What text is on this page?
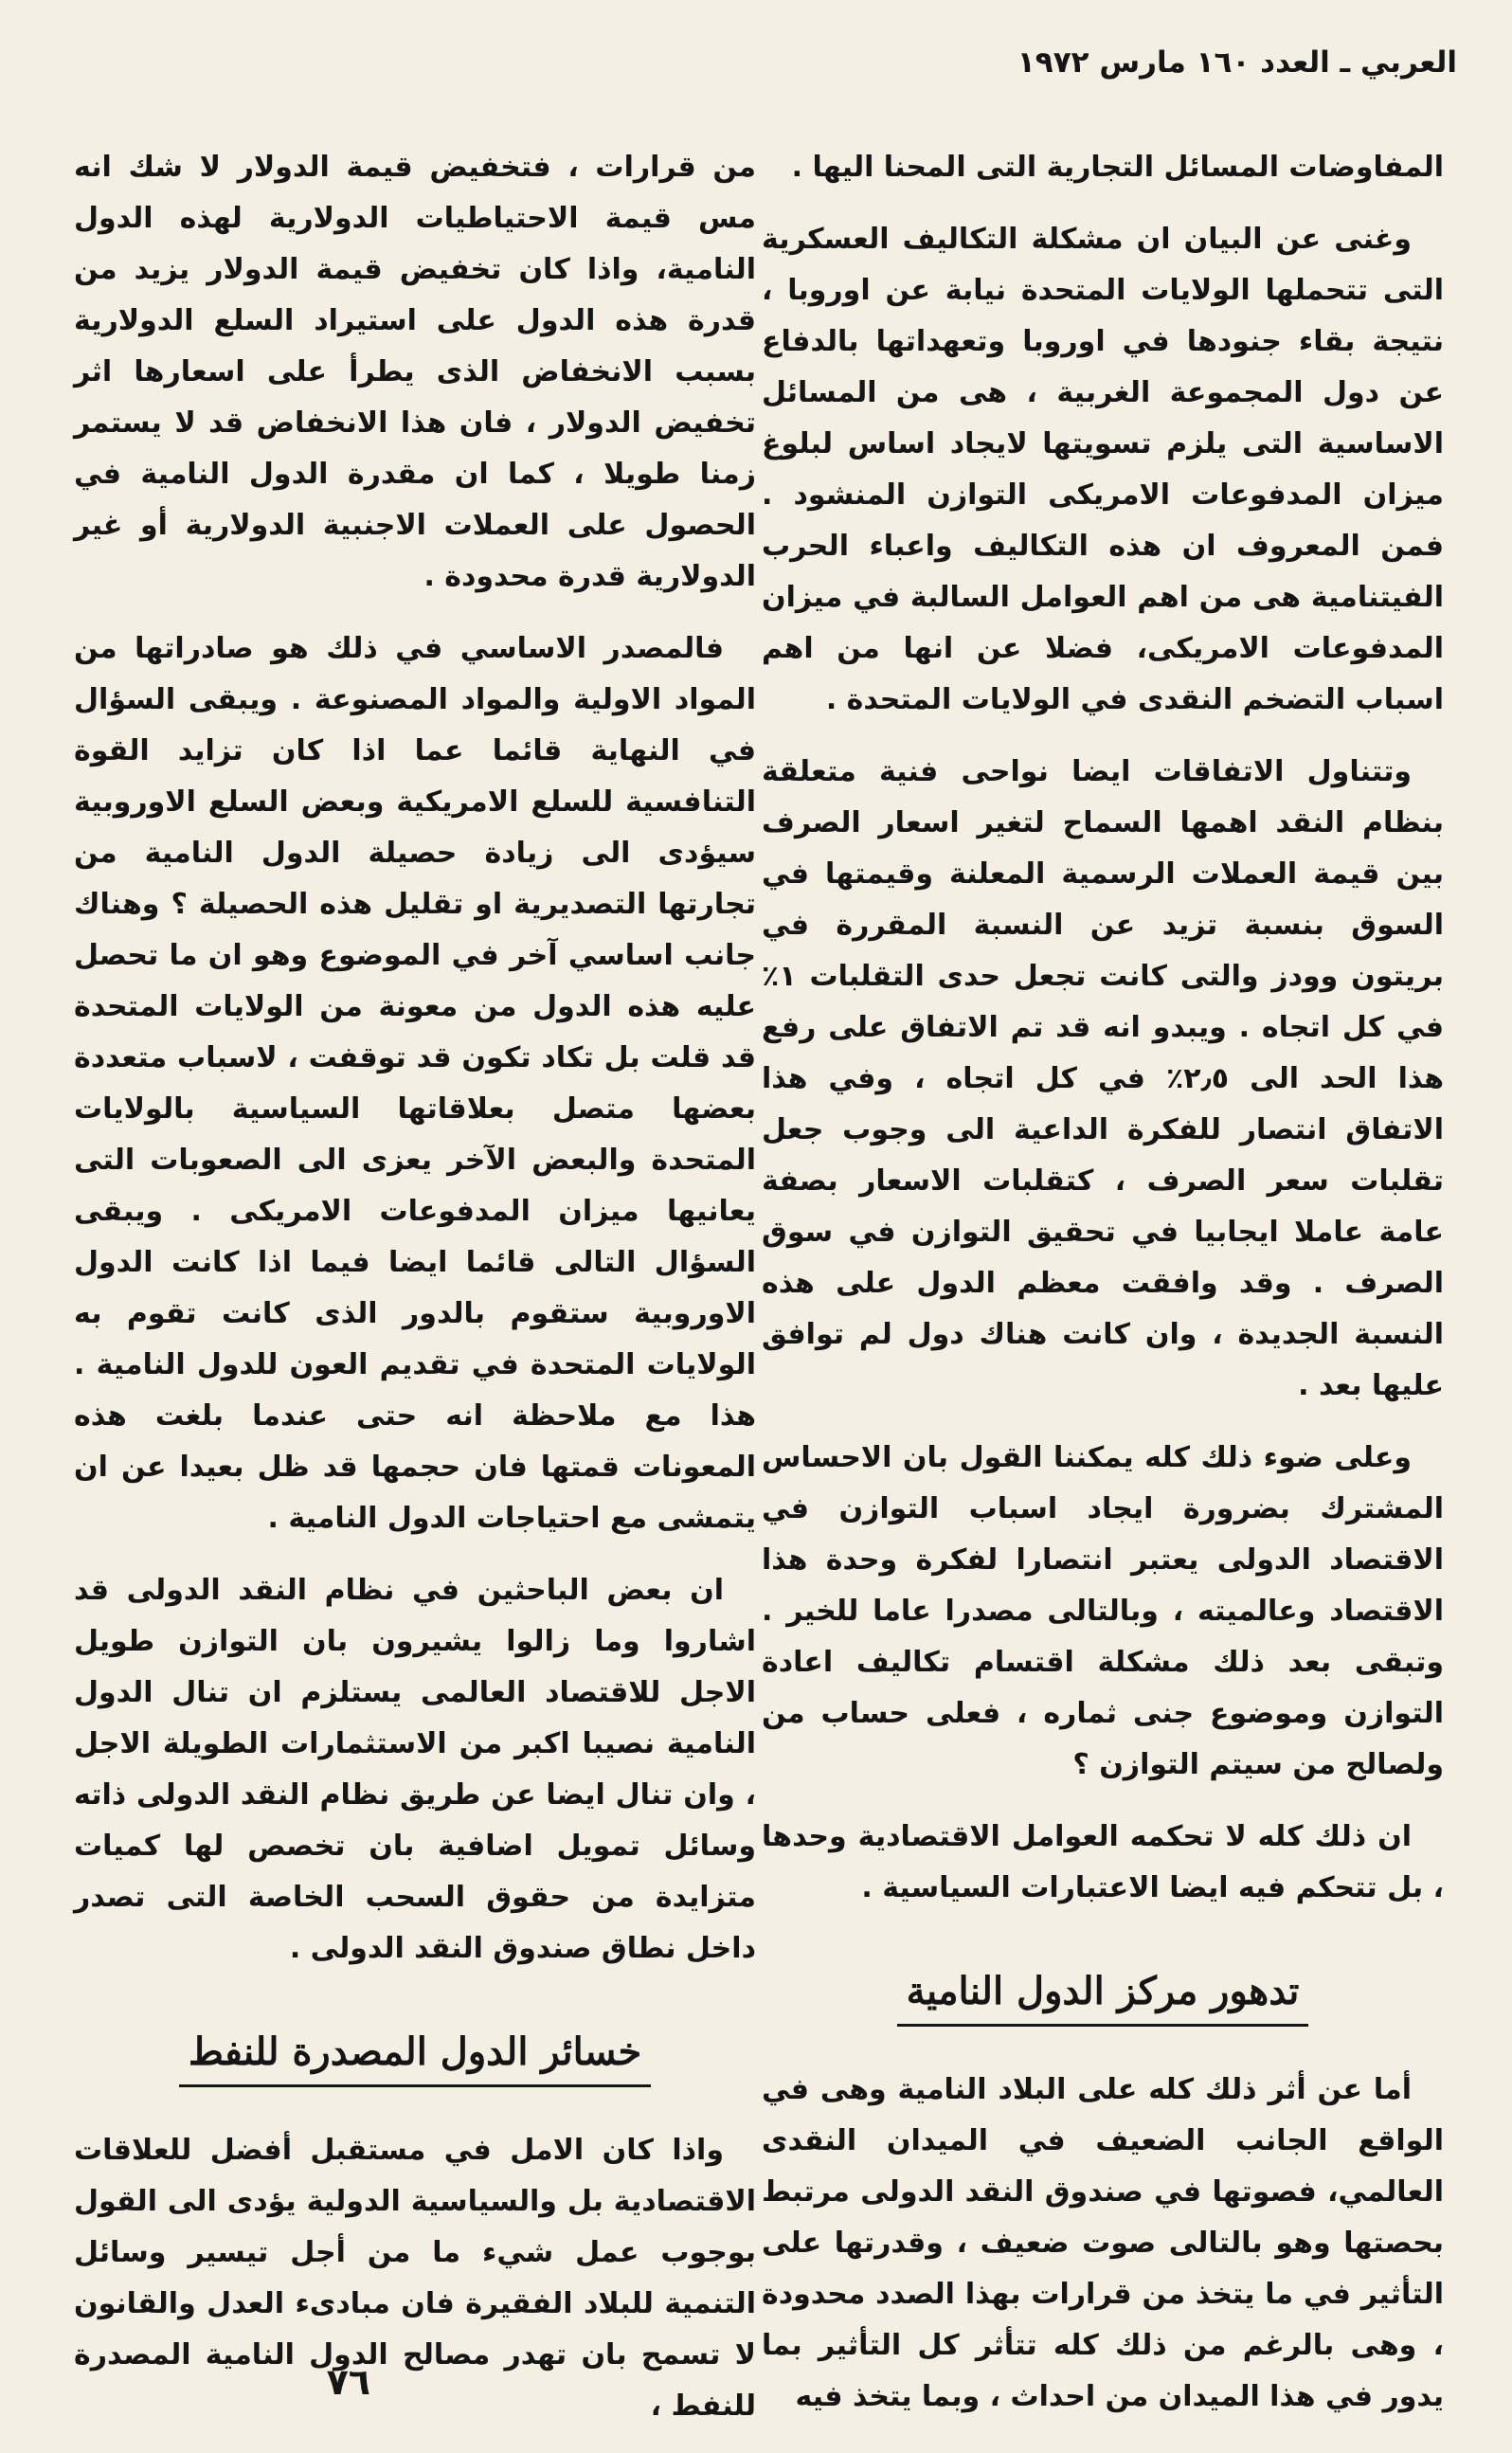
العربي ـ العدد ١٦٠ مارس ١٩٧٢

المفاوضات المسائل التجارية التى المحنا اليها .

وغنى عن البيان ان مشكلة التكاليف العسكرية التى تتحملها الولايات المتحدة نيابة عن اوروبا ، نتيجة بقاء جنودها في اوروبا وتعهداتها بالدفاع عن دول المجموعة الغربية ، هى من المسائل الاساسية التى يلزم تسويتها لايجاد اساس لبلوغ ميزان المدفوعات الامريكى التوازن المنشود . فمن المعروف ان هذه التكاليف واعباء الحرب الفيتنامية هى من اهم العوامل السالبة في ميزان المدفوعات الامريكى، فضلا عن انها من اهم اسباب التضخم النقدى في الولايات المتحدة .

وتتناول الاتفاقات ايضا نواحى فنية متعلقة بنظام النقد اهمها السماح لتغير اسعار الصرف بين قيمة العملات الرسمية المعلنة وقيمتها في السوق بنسبة تزيد عن النسبة المقررة في بريتون وودز والتى كانت تجعل حدى التقلبات ١٪ في كل اتجاه . ويبدو انه قد تم الاتفاق على رفع هذا الحد الى ٢٫٥٪ في كل اتجاه ، وفي هذا الاتفاق انتصار للفكرة الداعية الى وجوب جعل تقلبات سعر الصرف ، كتقلبات الاسعار بصفة عامة عاملا ايجابيا في تحقيق التوازن في سوق الصرف . وقد وافقت معظم الدول على هذه النسبة الجديدة ، وان كانت هناك دول لم توافق عليها بعد .

وعلى ضوء ذلك كله يمكننا القول بان الاحساس المشترك بضرورة ايجاد اسباب التوازن في الاقتصاد الدولى يعتبر انتصارا لفكرة وحدة هذا الاقتصاد وعالميته ، وبالتالى مصدرا عاما للخير . وتبقى بعد ذلك مشكلة اقتسام تكاليف اعادة التوازن وموضوع جنى ثماره ، فعلى حساب من ولصالح من سيتم التوازن ؟

ان ذلك كله لا تحكمه العوامل الاقتصادية وحدها ، بل تتحكم فيه ايضا الاعتبارات السياسية .

تدهور مركز الدول النامية

أما عن أثر ذلك كله على البلاد النامية وهى في الواقع الجانب الضعيف في الميدان النقدى العالمي، فصوتها في صندوق النقد الدولى مرتبط بحصتها وهو بالتالى صوت ضعيف ، وقدرتها على التأثير في ما يتخذ من قرارات بهذا الصدد محدودة ، وهى بالرغم من ذلك كله تتأثر كل التأثير بما يدور في هذا الميدان من احداث ، وبما يتخذ فيه

من قرارات ، فتخفيض قيمة الدولار لا شك انه مس قيمة الاحتياطيات الدولارية لهذه الدول النامية، واذا كان تخفيض قيمة الدولار يزيد من قدرة هذه الدول على استيراد السلع الدولارية بسبب الانخفاض الذى يطرأ على اسعارها اثر تخفيض الدولار ، فان هذا الانخفاض قد لا يستمر زمنا طويلا ، كما ان مقدرة الدول النامية في الحصول على العملات الاجنبية الدولارية أو غير الدولارية قدرة محدودة .

فالمصدر الاساسي في ذلك هو صادراتها من المواد الاولية والمواد المصنوعة . ويبقى السؤال في النهاية قائما عما اذا كان تزايد القوة التنافسية للسلع الامريكية وبعض السلع الاوروبية سيؤدى الى زيادة حصيلة الدول النامية من تجارتها التصديرية او تقليل هذه الحصيلة ؟ وهناك جانب اساسي آخر في الموضوع وهو ان ما تحصل عليه هذه الدول من معونة من الولايات المتحدة قد قلت بل تكاد تكون قد توقفت ، لاسباب متعددة بعضها متصل بعلاقاتها السياسية بالولايات المتحدة والبعض الآخر يعزى الى الصعوبات التى يعانيها ميزان المدفوعات الامريكى . ويبقى السؤال التالى قائما ايضا فيما اذا كانت الدول الاوروبية ستقوم بالدور الذى كانت تقوم به الولايات المتحدة في تقديم العون للدول النامية . هذا مع ملاحظة انه حتى عندما بلغت هذه المعونات قمتها فان حجمها قد ظل بعيدا عن ان يتمشى مع احتياجات الدول النامية .

ان بعض الباحثين في نظام النقد الدولى قد اشاروا وما زالوا يشيرون بان التوازن طويل الاجل للاقتصاد العالمى يستلزم ان تنال الدول النامية نصيبا اكبر من الاستثمارات الطويلة الاجل ، وان تنال ايضا عن طريق نظام النقد الدولى ذاته وسائل تمويل اضافية بان تخصص لها كميات متزايدة من حقوق السحب الخاصة التى تصدر داخل نطاق صندوق النقد الدولى .

خسائر الدول المصدرة للنفط

واذا كان الامل في مستقبل أفضل للعلاقات الاقتصادية بل والسياسية الدولية يؤدى الى القول بوجوب عمل شيء ما من أجل تيسير وسائل التنمية للبلاد الفقيرة فان مبادىء العدل والقانون لا تسمح بان تهدر مصالح الدول النامية المصدرة للنفط ،

٧٦
